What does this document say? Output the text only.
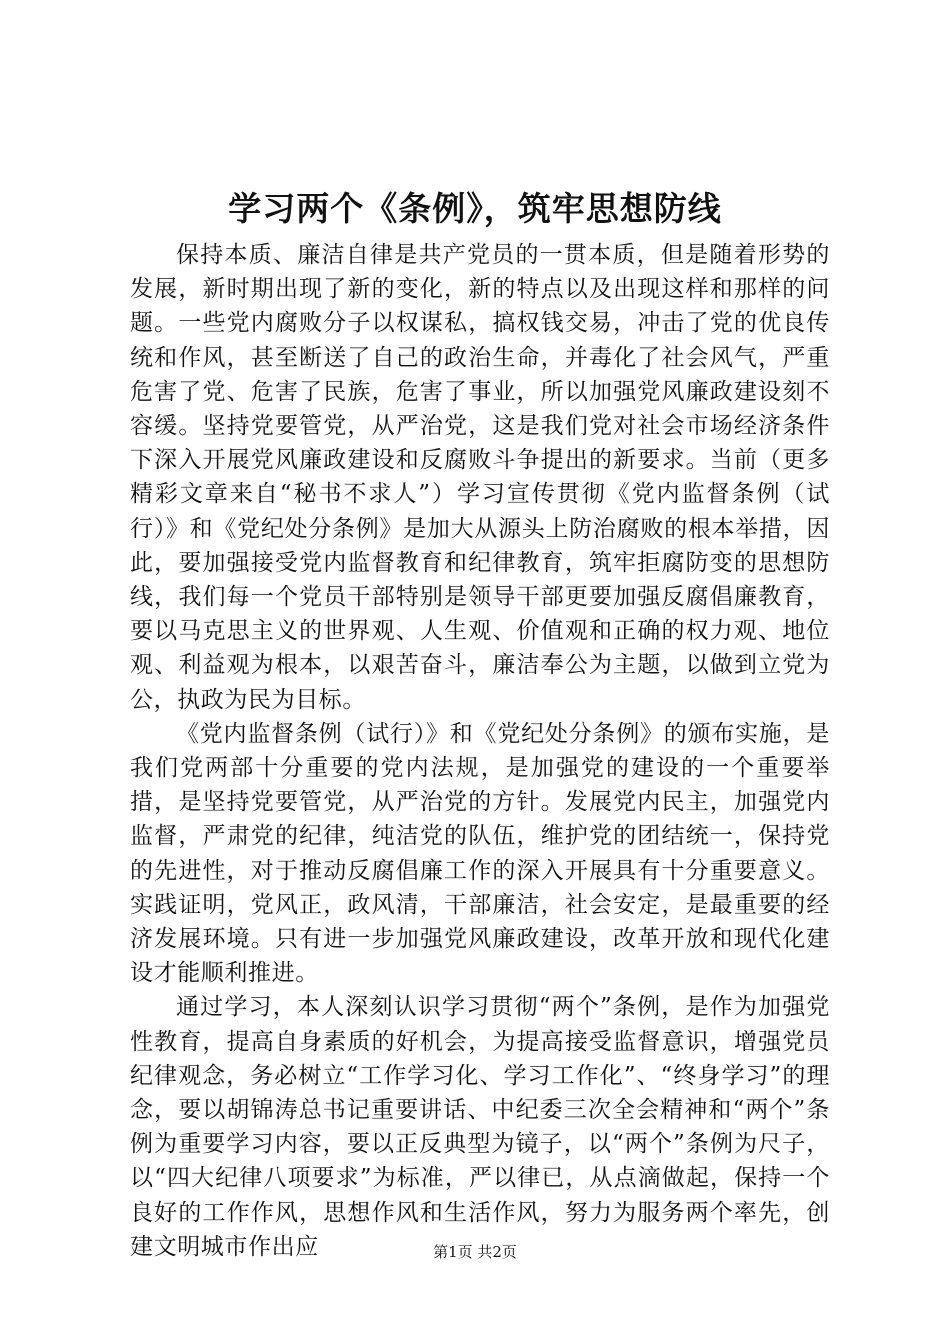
学习两个《条例》，筑牢思想防线

保持本质、廉洁自律是共产党员的一贯本质，但是随着形势的发展，新时期出现了新的变化，新的特点以及出现这样和那样的问题。一些党内腐败分子以权谋私，搞权钱交易，冲击了党的优良传统和作风，甚至断送了自己的政治生命，并毒化了社会风气，严重危害了党、危害了民族，危害了事业，所以加强党风廉政建设刻不容缓。坚持党要管党，从严治党，这是我们党对社会市场经济条件下深入开展党风廉政建设和反腐败斗争提出的新要求。当前（更多精彩文章来自“秘书不求人”）学习宣传贯彻《党内监督条例（试行）》和《党纪处分条例》是加大从源头上防治腐败的根本举措，因此，要加强接受党内监督教育和纪律教育，筑牢拒腐防变的思想防线，我们每一个党员干部特别是领导干部更要加强反腐倡廉教育，要以马克思主义的世界观、人生观、价值观和正确的权力观、地位观、利益观为根本，以艰苦奋斗，廉洁奉公为主题，以做到立党为公，执政为民为目标。

《党内监督条例（试行）》和《党纪处分条例》的颁布实施，是我们党两部十分重要的党内法规，是加强党的建设的一个重要举措，是坚持党要管党，从严治党的方针。发展党内民主，加强党内监督，严肃党的纪律，纯洁党的队伍，维护党的团结统一，保持党的先进性，对于推动反腐倡廉工作的深入开展具有十分重要意义。实践证明，党风正，政风清，干部廉洁，社会安定，是最重要的经济发展环境。只有进一步加强党风廉政建设，改革开放和现代化建设才能顺利推进。

通过学习，本人深刻认识学习贯彻“两个”条例，是作为加强党性教育，提高自身素质的好机会，为提高接受监督意识，增强党员纪律观念，务必树立“工作学习化、学习工作化”、“终身学习”的理念，要以胡锦涛总书记重要讲话、中纪委三次全会精神和“两个”条例为重要学习内容，要以正反典型为镜子，以“两个”条例为尺子，以“四大纪律八项要求”为标准，严以律已，从点滴做起，保持一个良好的工作作风，思想作风和生活作风，努力为服务两个率先，创建文明城市作出应	第1页 共2页
